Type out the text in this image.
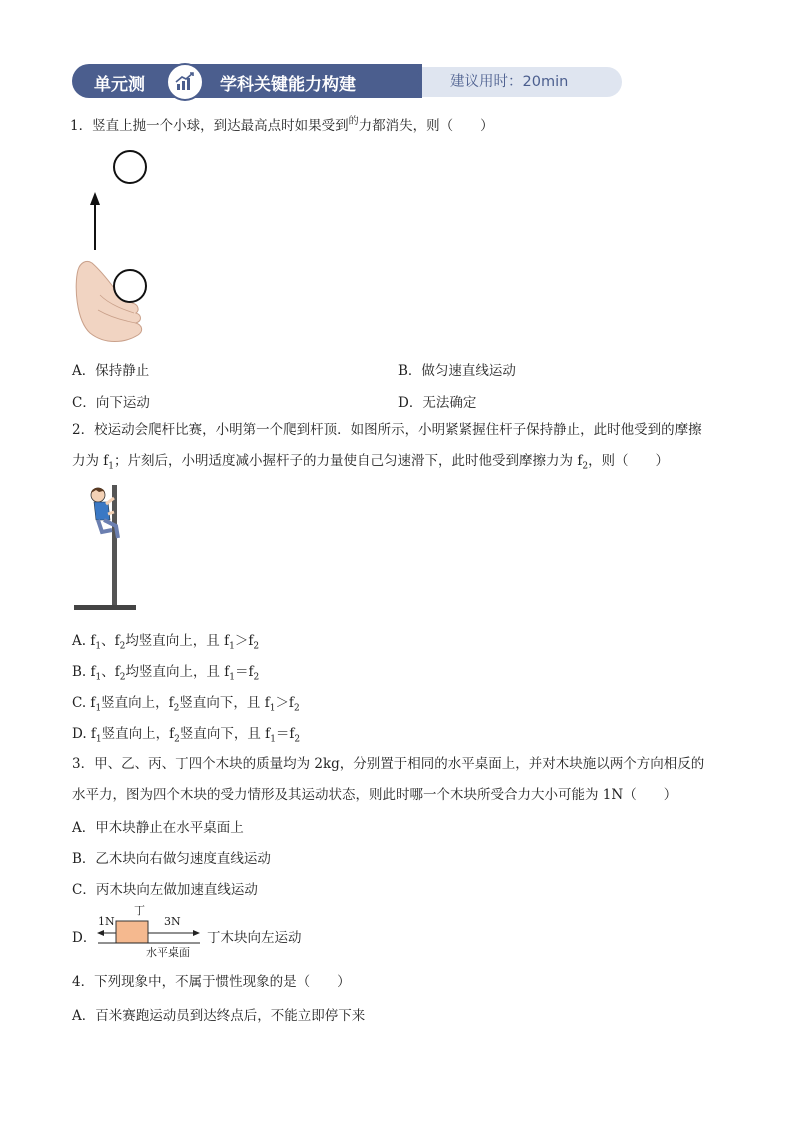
单元测	学科关键能力构建	建议用时：20min
1．竖直上抛一个小球，到达最高点时如果受到$^的$力都消失，则（　　）
A．保持静止	B．做匀速直线运动
C．向下运动	D．无法确定
2．校运动会爬杆比赛，小明第一个爬到杆顶．如图所示，小明紧紧握住杆子保持静止，此时他受到的摩擦
力为 $f_1$；片刻后，小明适度减小握杆子的力量使自己匀速滑下，此时他受到摩擦力为 $f_2$，则（　　）
A. $f_1$、$f_2$均竖直向上，且 $f_1>f_2$
B. $f_1$、$f_2$均竖直向上，且 $f_1=f_2$
C. $f_1$竖直向上，$f_2$竖直向下，且 $f_1>f_2$
D. $f_1$竖直向上，$f_2$竖直向下，且 $f_1=f_2$
3．甲、乙、丙、丁四个木块的质量均为 2kg，分别置于相同的水平桌面上，并对木块施以两个方向相反的
水平力，图为四个木块的受力情形及其运动状态，则此时哪一个木块所受合力大小可能为 1N（　　）
A．甲木块静止在水平桌面上
B．乙木块向右做匀速度直线运动
C．丙木块向左做加速直线运动
D．
丁
1N	3N
水平桌面
丁木块向左运动
4．下列现象中，不属于惯性现象的是（　　）
A．百米赛跑运动员到达终点后，不能立即停下来
